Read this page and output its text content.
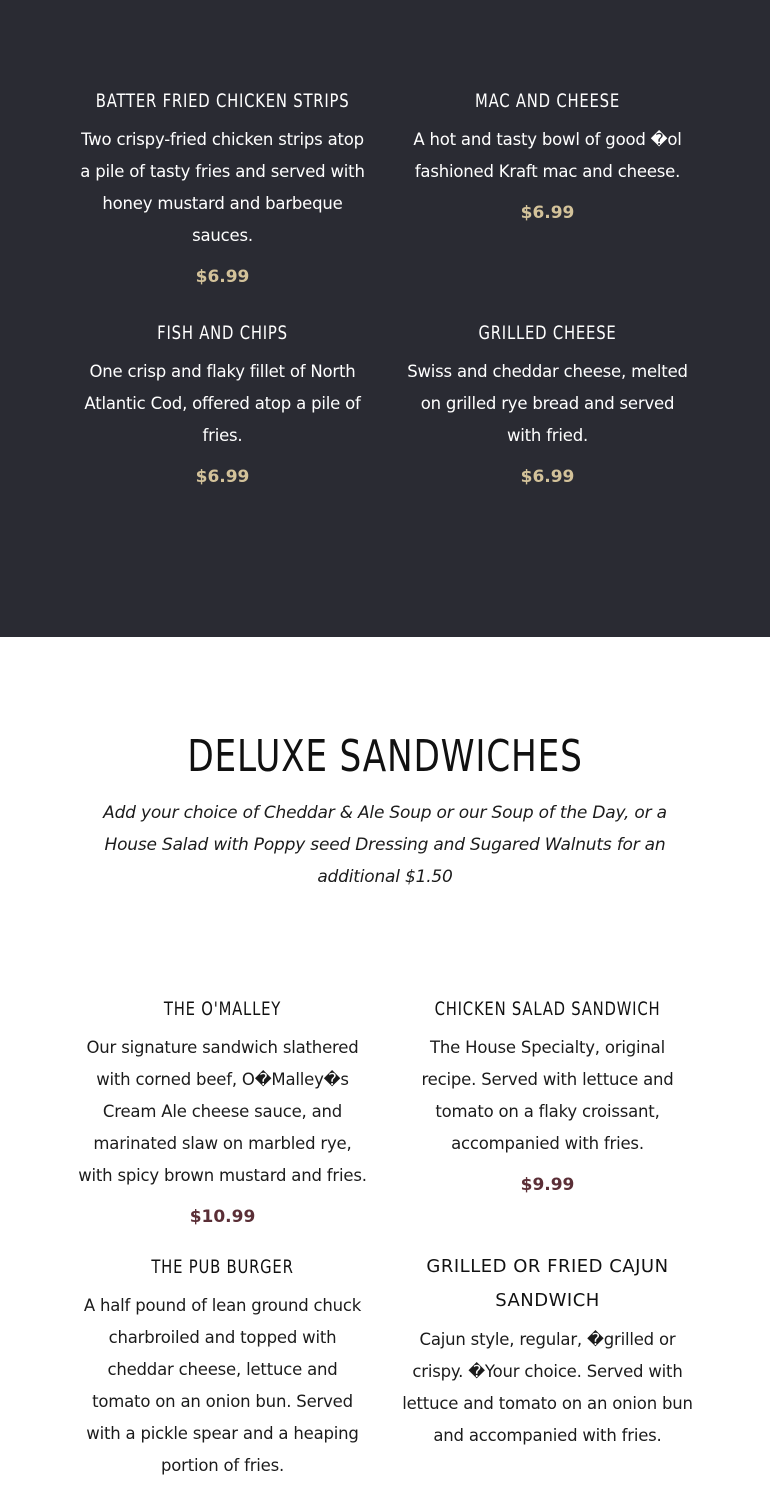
BATTER FRIED CHICKEN STRIPS

Two crispy-fried chicken strips atop a pile of tasty fries and served with honey mustard and barbeque sauces.

$6.99
MAC AND CHEESE

A hot and tasty bowl of good �ol fashioned Kraft mac and cheese.

$6.99
FISH AND CHIPS

One crisp and flaky fillet of North Atlantic Cod, offered atop a pile of fries.

$6.99
GRILLED CHEESE

Swiss and cheddar cheese, melted on grilled rye bread and served with fried.

$6.99
DELUXE SANDWICHES

Add your choice of Cheddar & Ale Soup or our Soup of the Day, or a House Salad with Poppy seed Dressing and Sugared Walnuts for an additional $1.50

THE O'MALLEY

Our signature sandwich slathered with corned beef, O�Malley�s Cream Ale cheese sauce, and marinated slaw on marbled rye, with spicy brown mustard and fries.

$10.99
CHICKEN SALAD SANDWICH

The House Specialty, original recipe. Served with lettuce and tomato on a flaky croissant, accompanied with fries.

$9.99
THE PUB BURGER

A half pound of lean ground chuck charbroiled and topped with cheddar cheese, lettuce and tomato on an onion bun. Served with a pickle spear and a heaping portion of fries.

GRILLED OR FRIED CAJUN SANDWICH

Cajun style, regular, �grilled or crispy. �Your choice. Served with lettuce and tomato on an onion bun and accompanied with fries.
